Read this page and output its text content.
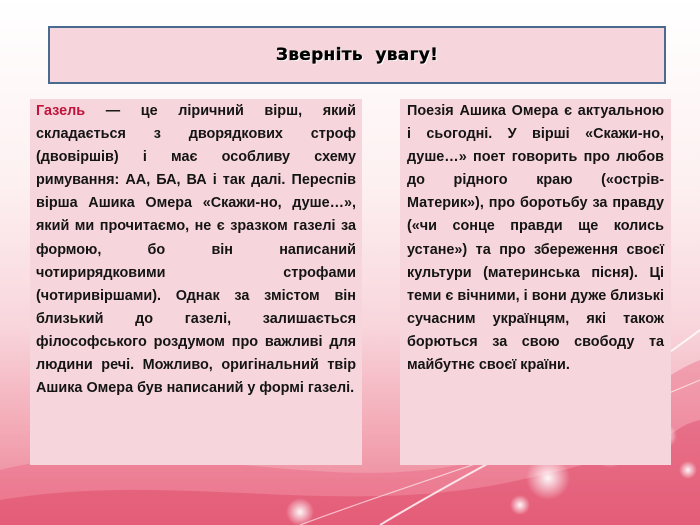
Зверніть  увагу!
Газель — це ліричний вірш, який складається з дворядкових строф (двовіршів) і має особливу схему римування: АА, БА, ВА і так далі. Переспів вірша Ашика Омера «Скажи-но, душе…», який ми прочитаємо, не є зразком газелі за формою, бо він написаний чотирирядковими строфами (чотиривіршами). Однак за змістом він близький до газелі, залишається філософського роздумом про важливі для людини речі. Можливо, оригінальний твір Ашика Омера був написаний у формі газелі.
Поезія Ашика Омера є актуальною і сьогодні. У вірші «Скажи-но, душе…» поет говорить про любов до рідного краю («острів-Материк»), про боротьбу за правду («чи сонце правди ще колись устане») та про збереження своєї культури (материнська пісня). Ці теми є вічними, і вони дуже близькі сучасним українцям, які також борються за свою свободу та майбутнє своєї країни.
